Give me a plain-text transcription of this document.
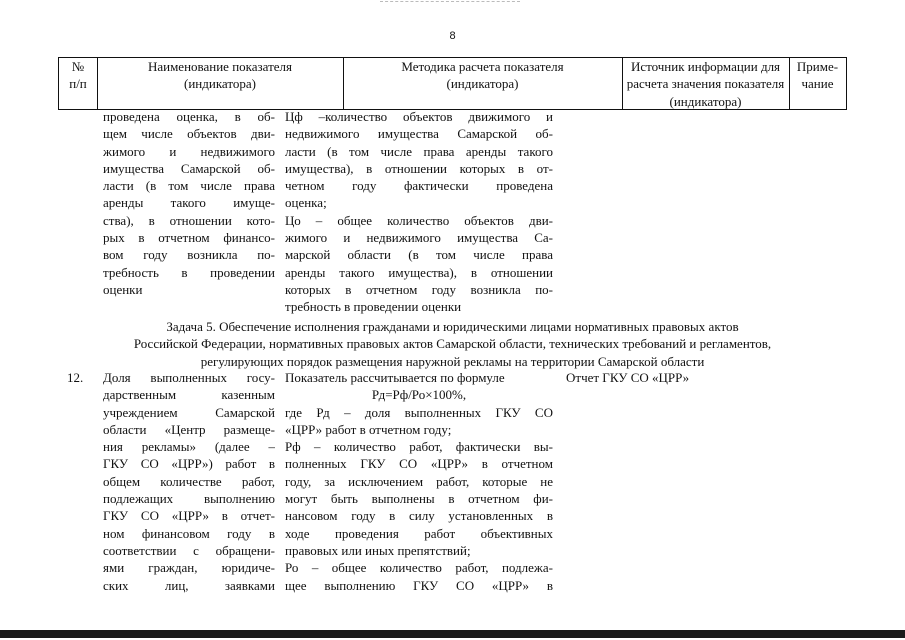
8
№
п/п
Наименование показателя
(индикатора)
Методика расчета показателя
(индикатора)
Источник информации для
расчета значения показателя
(индикатора)
Приме-
чание
проведена оценка, в об-
щем числе объектов дви-
жимого и недвижимого
имущества Самарской об-
ласти (в том числе права
аренды такого имуще-
ства), в отношении кото-
рых в отчетном финансо-
вом году возникла по-
требность в проведении
оценки
Цф –количество объектов движимого и
недвижимого имущества Самарской об-
ласти (в том числе права аренды такого
имущества), в отношении которых в от-
четном году фактически проведена
оценка;
Цо – общее количество объектов дви-
жимого и недвижимого имущества Са-
марской области (в том числе права
аренды такого имущества), в отношении
которых в отчетном году возникла по-
требность в проведении оценки
Задача 5. Обеспечение исполнения гражданами и юридическими лицами нормативных правовых актов
Российской Федерации, нормативных правовых актов Самарской области, технических требований и регламентов,
регулирующих порядок размещения наружной рекламы на территории Самарской области
12. Доля выполненных госу-
дарственным казенным
учреждением Самарской
области «Центр размеще-
ния рекламы» (далее –
ГКУ СО «ЦРР») работ в
общем количестве работ,
подлежащих выполнению
ГКУ СО «ЦРР» в отчет-
ном финансовом году в
соответствии с обращени-
ями граждан, юридиче-
ских лиц, заявками
Показатель рассчитывается по формуле
Рд=Рф/Ро×100%,
где Рд – доля выполненных ГКУ СО
«ЦРР» работ в отчетном году;
Рф – количество работ, фактически вы-
полненных ГКУ СО «ЦРР» в отчетном
году, за исключением работ, которые не
могут быть выполнены в отчетном фи-
нансовом году в силу установленных в
ходе проведения работ объективных
правовых или иных препятствий;
Ро – общее количество работ, подлежа-
щее выполнению ГКУ СО «ЦРР» в
Отчет ГКУ СО «ЦРР»
